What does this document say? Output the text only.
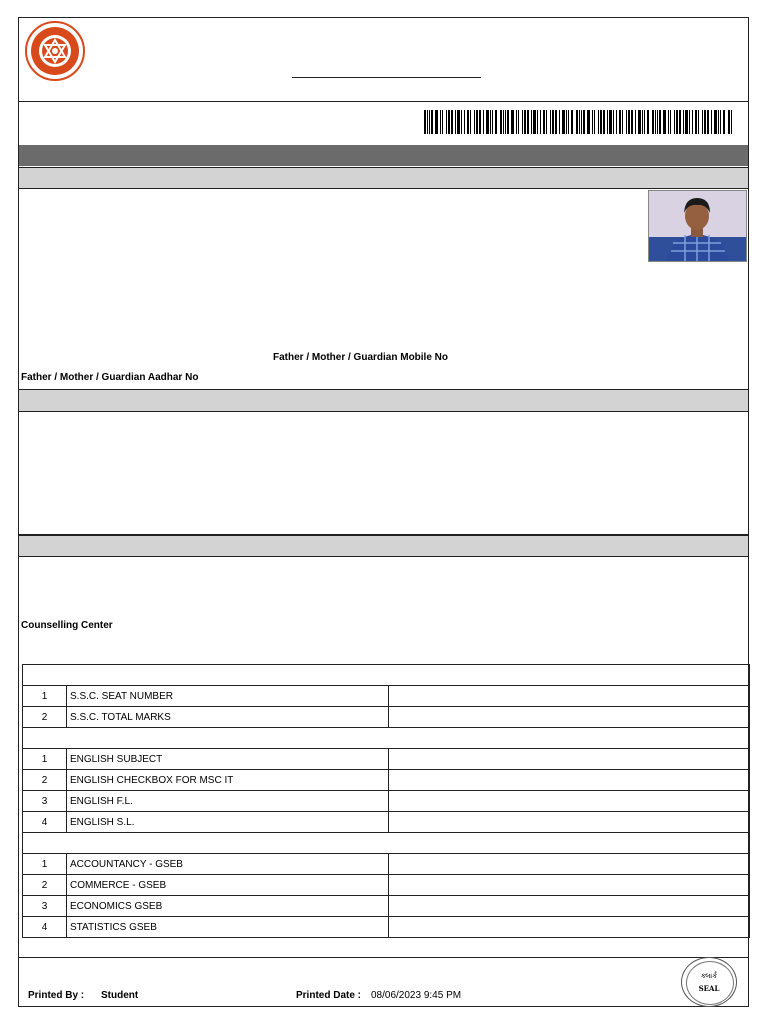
Father / Mother / Guardian Mobile No
Father / Mother / Guardian Aadhar No
Counselling Center

1	S.S.C. SEAT NUMBER	
2	S.S.C. TOTAL MARKS	

1	ENGLISH SUBJECT	
2	ENGLISH CHECKBOX FOR MSC IT	
3	ENGLISH F.L.	
4	ENGLISH S.L.	

1	ACCOUNTANCY - GSEB	
2	COMMERCE - GSEB	
3	ECONOMICS GSEB	
4	STATISTICS GSEB	
Printed By : Student	Printed Date : 08/06/2023 9:45 PM
ક્લાર્ક
SEAL
